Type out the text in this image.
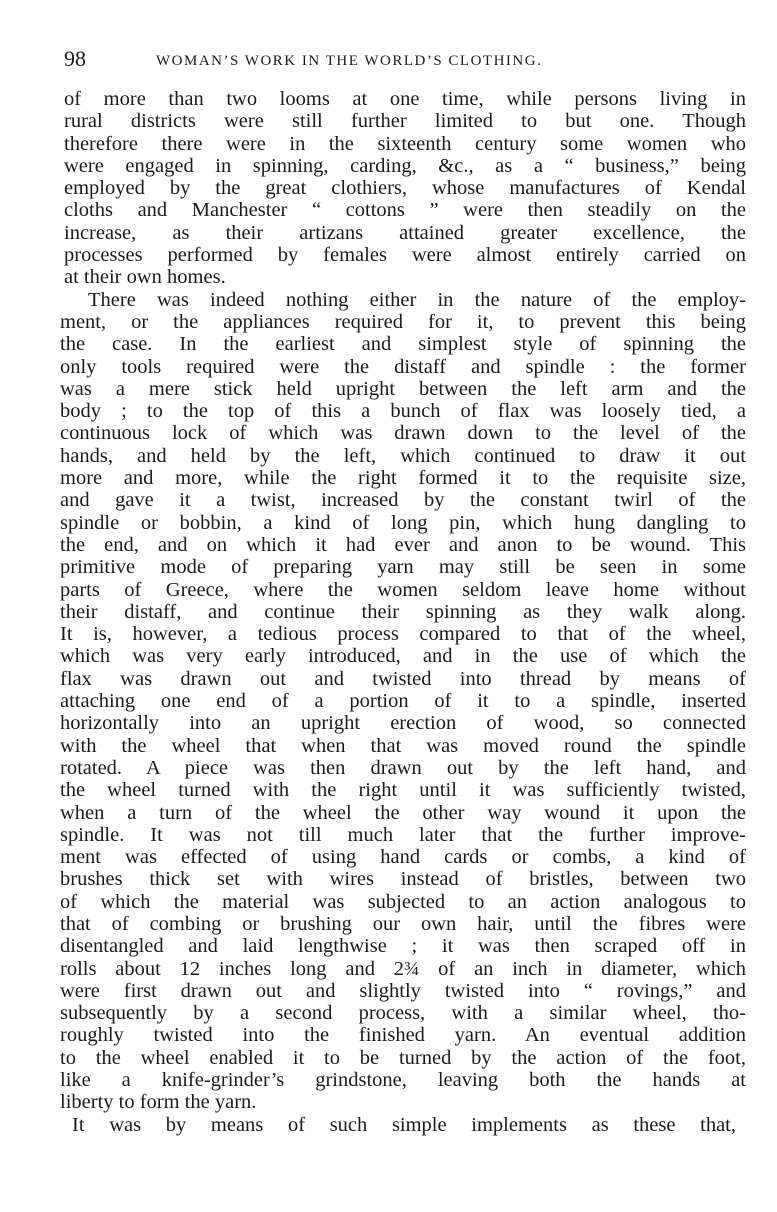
98	WOMAN’S WORK IN THE WORLD’S CLOTHING.
of more than two looms at one time, while persons living in
rural districts were still further limited to but one. Though
therefore there were in the sixteenth century some women who
were engaged in spinning, carding, &c., as a “ business,” being
employed by the great clothiers, whose manufactures of Kendal
cloths and Manchester “ cottons ” were then steadily on the
increase, as their artizans attained greater excellence, the
processes performed by females were almost entirely carried on
at their own homes.
There was indeed nothing either in the nature of the employ-
ment, or the appliances required for it, to prevent this being
the case. In the earliest and simplest style of spinning the
only tools required were the distaff and spindle : the former
was a mere stick held upright between the left arm and the
body ; to the top of this a bunch of flax was loosely tied, a
continuous lock of which was drawn down to the level of the
hands, and held by the left, which continued to draw it out
more and more, while the right formed it to the requisite size,
and gave it a twist, increased by the constant twirl of the
spindle or bobbin, a kind of long pin, which hung dangling to
the end, and on which it had ever and anon to be wound. This
primitive mode of preparing yarn may still be seen in some
parts of Greece, where the women seldom leave home without
their distaff, and continue their spinning as they walk along.
It is, however, a tedious process compared to that of the wheel,
which was very early introduced, and in the use of which the
flax was drawn out and twisted into thread by means of
attaching one end of a portion of it to a spindle, inserted
horizontally into an upright erection of wood, so connected
with the wheel that when that was moved round the spindle
rotated. A piece was then drawn out by the left hand, and
the wheel turned with the right until it was sufficiently twisted,
when a turn of the wheel the other way wound it upon the
spindle. It was not till much later that the further improve-
ment was effected of using hand cards or combs, a kind of
brushes thick set with wires instead of bristles, between two
of which the material was subjected to an action analogous to
that of combing or brushing our own hair, until the fibres were
disentangled and laid lengthwise ; it was then scraped off in
rolls about 12 inches long and 2¾ of an inch in diameter, which
were first drawn out and slightly twisted into “ rovings,” and
subsequently by a second process, with a similar wheel, tho-
roughly twisted into the finished yarn. An eventual addition
to the wheel enabled it to be turned by the action of the foot,
like a knife-grinder’s grindstone, leaving both the hands at
liberty to form the yarn.
It was by means of such simple implements as these that,
